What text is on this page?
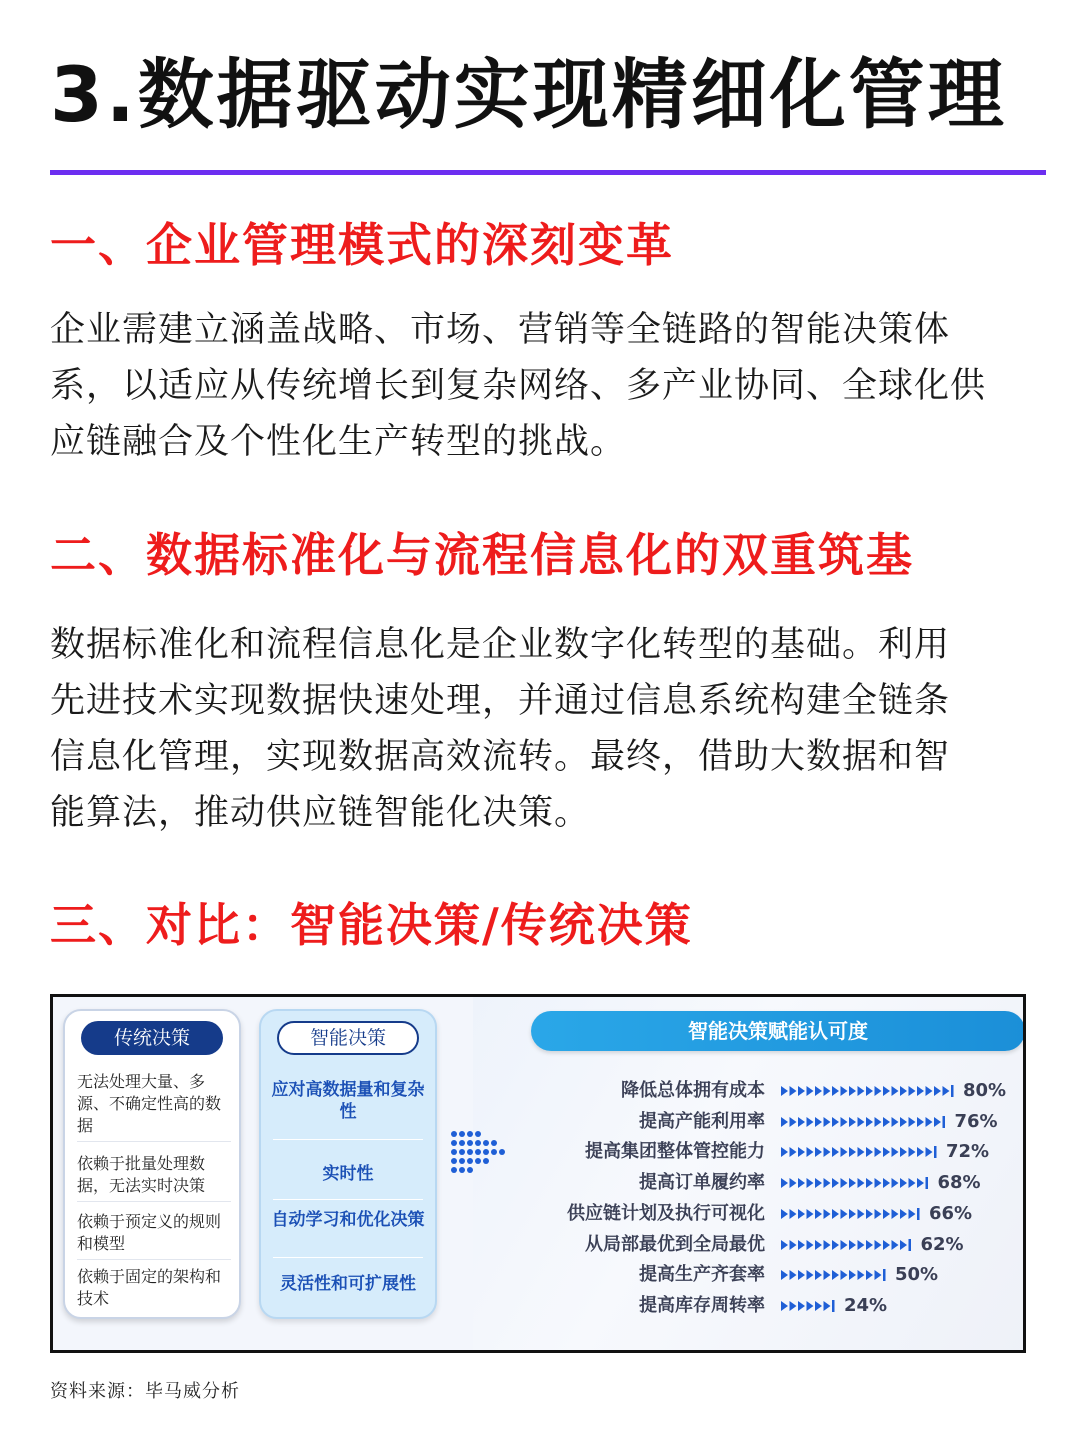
3.数据驱动实现精细化管理
一、企业管理模式的深刻变革
企业需建立涵盖战略、市场、营销等全链路的智能决策体
系，以适应从传统增长到复杂网络、多产业协同、全球化供
应链融合及个性化生产转型的挑战。
二、数据标准化与流程信息化的双重筑基
数据标准化和流程信息化是企业数字化转型的基础。利用
先进技术实现数据快速处理，并通过信息系统构建全链条
信息化管理，实现数据高效流转。最终，借助大数据和智
能算法，推动供应链智能化决策。
三、对比：智能决策/传统决策
传统决策
无法处理大量、多源、不确定性高的数据
依赖于批量处理数据，无法实时决策
依赖于预定义的规则和模型
依赖于固定的架构和技术
智能决策
应对高数据量和复杂性
实时性
自动学习和优化决策
灵活性和可扩展性
智能决策赋能认可度
降低总体拥有成本	80%
提高产能利用率	76%
提高集团整体管控能力	72%
提高订单履约率	68%
供应链计划及执行可视化	66%
从局部最优到全局最优	62%
提高生产齐套率	50%
提高库存周转率	24%

资料来源：毕马威分析
